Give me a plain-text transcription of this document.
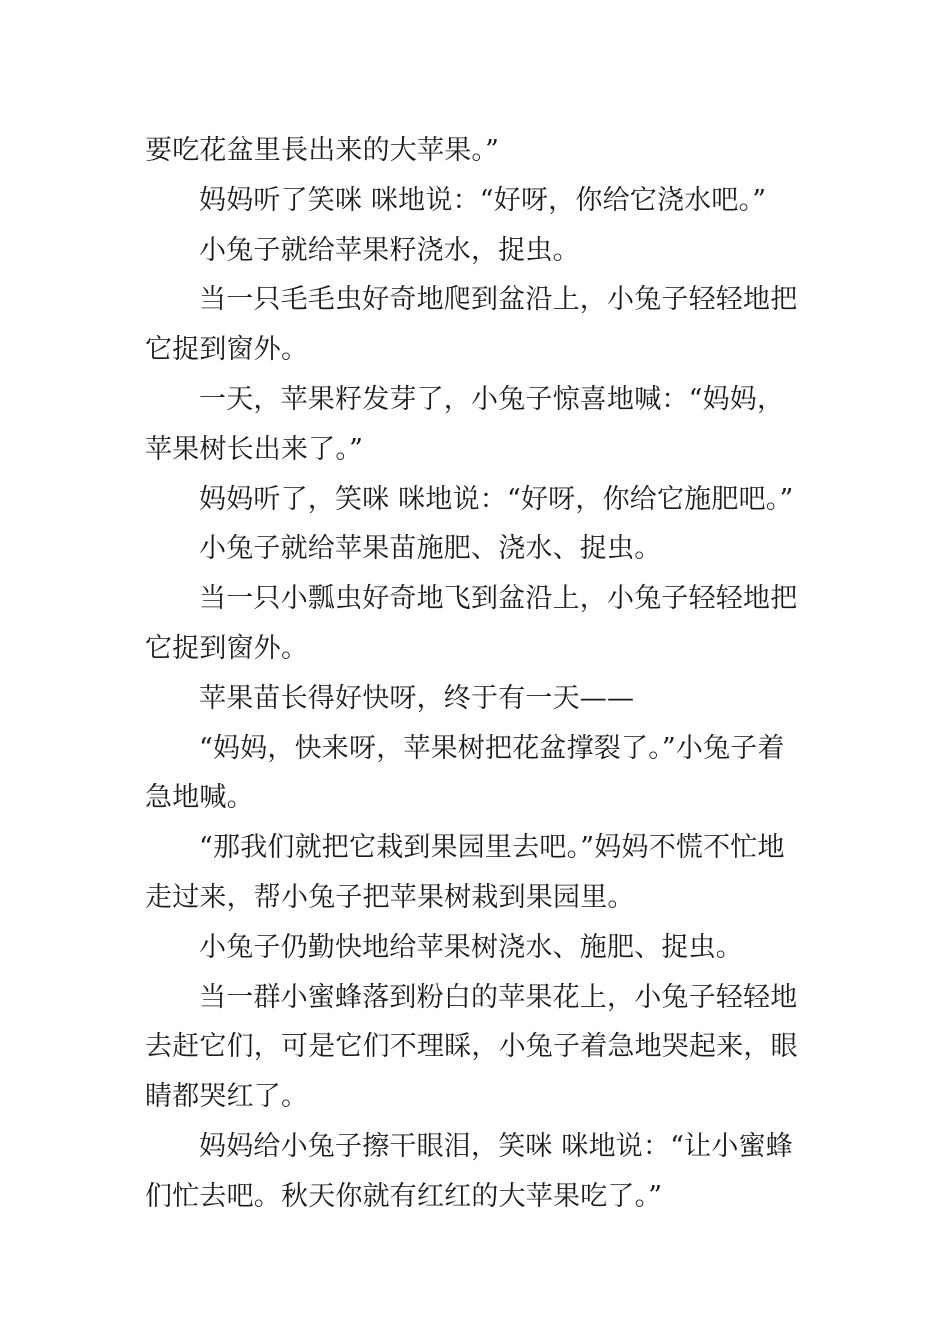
要吃花盆里長出来的大苹果。”

妈妈听了笑咪 咪地说：“好呀，你给它浇水吧。”

小兔子就给苹果籽浇水，捉虫。

当一只毛毛虫好奇地爬到盆沿上，小兔子轻轻地把它捉到窗外。

一天，苹果籽发芽了，小兔子惊喜地喊：“妈妈，苹果树长出来了。”

妈妈听了，笑咪 咪地说：“好呀，你给它施肥吧。”

小兔子就给苹果苗施肥、浇水、捉虫。

当一只小瓢虫好奇地飞到盆沿上，小兔子轻轻地把它捉到窗外。

苹果苗长得好快呀，终于有一天——

“妈妈，快来呀，苹果树把花盆撑裂了。”小兔子着急地喊。

“那我们就把它栽到果园里去吧。”妈妈不慌不忙地走过来，帮小兔子把苹果树栽到果园里。

小兔子仍勤快地给苹果树浇水、施肥、捉虫。

当一群小蜜蜂落到粉白的苹果花上，小兔子轻轻地去赶它们，可是它们不理睬，小兔子着急地哭起来，眼睛都哭红了。

妈妈给小兔子擦干眼泪，笑咪 咪地说：“让小蜜蜂们忙去吧。秋天你就有红红的大苹果吃了。”
